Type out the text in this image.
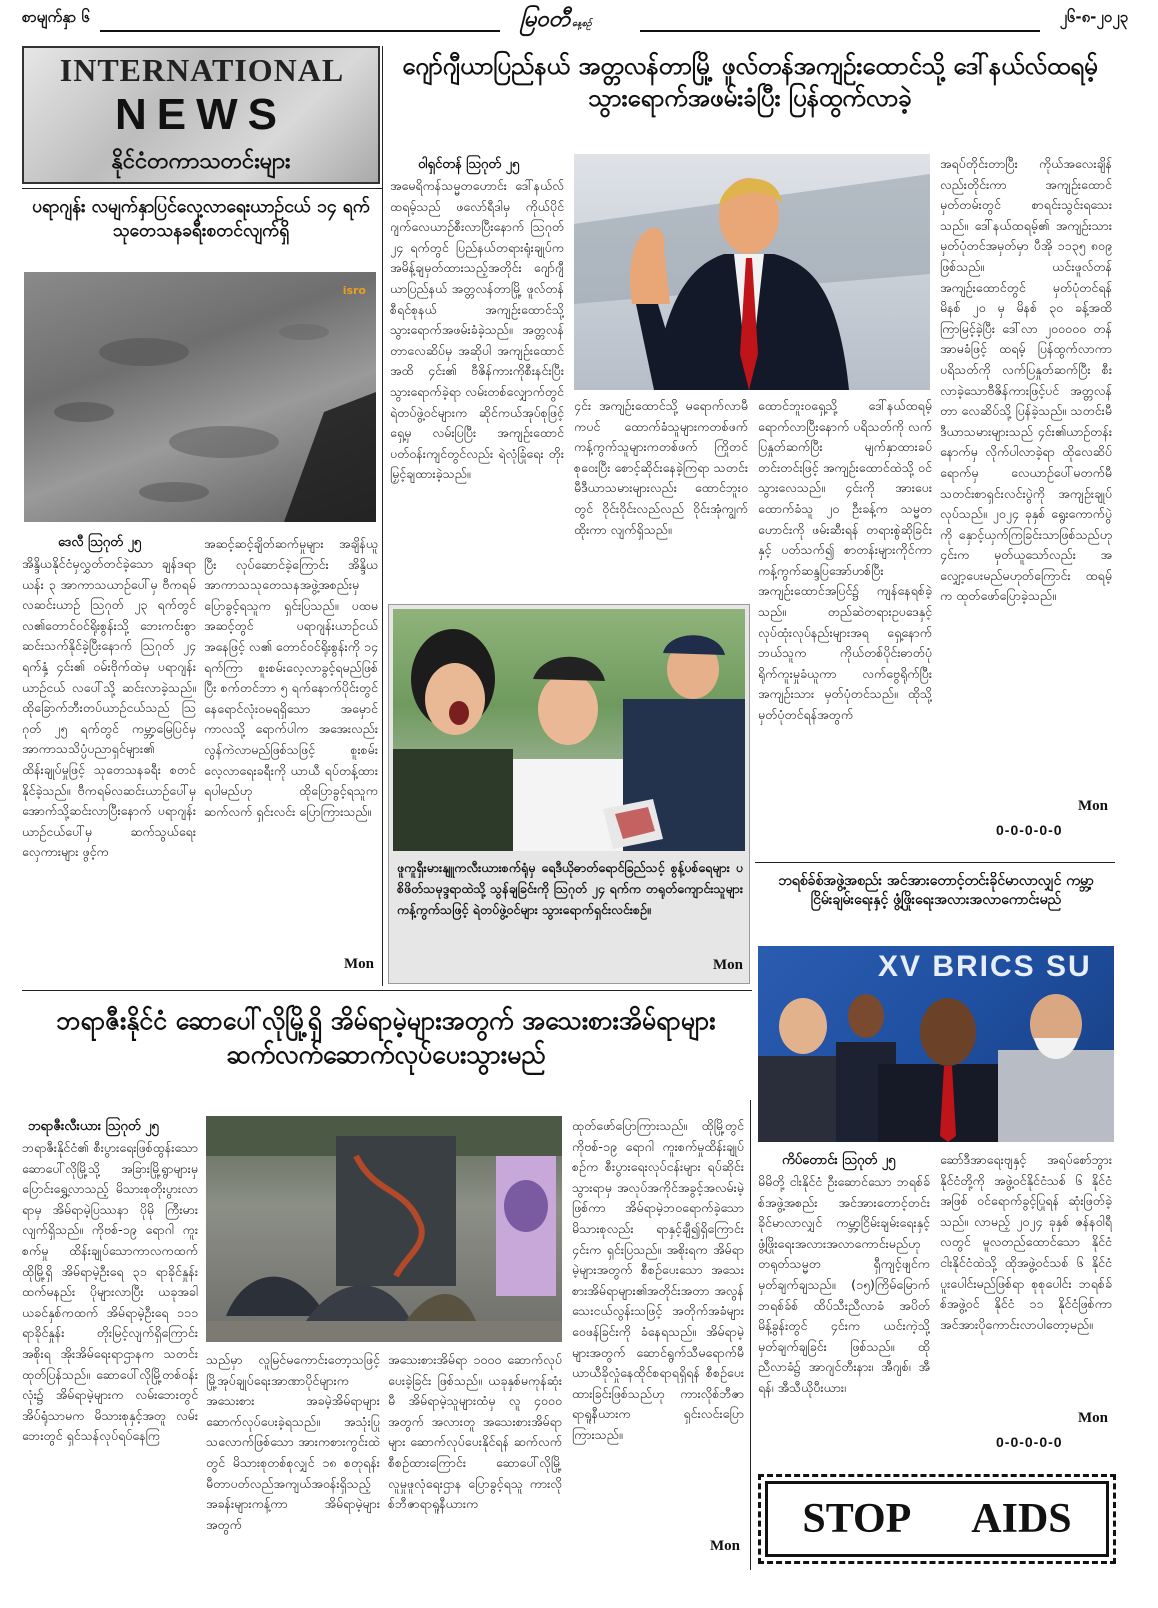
စာမျက်နှာ ၆	မြဝတီ နေ့စဉ်	၂၆-၈-၂၀၂၃
INTERNATIONAL
NEWS
နိုင်ငံတကာသတင်းများ
ပရာဂျန်း လမျက်နှာပြင်လှေ့လာရေးယာဉ်ငယ် ၁၄ ရက် သုတေသနခရီးစတင်လျက်ရှိ
isro
ဒေလီ သြဂုတ် ၂၅
အိန္ဒိယနိုင်ငံမှလွှတ်တင်ခဲ့သော ချန်ဒရာယန်း ၃ အာကာသယာဉ်ပေါ်မှ ဗီကရမ် လဆင်းယာဉ် သြဂုတ် ၂၃ ရက်တွင် လ၏တောင်ဝင်ရိုးစွန်းသို့ ဘေးကင်းစွာ ဆင်းသက်နိုင်ခဲ့ပြီးနောက် သြဂုတ် ၂၄ ရက်နှံ့ ၄င်း၏ ဝမ်းဗိုက်ထဲမှ ပရာဂျန်းယာဉ်ငယ် လပေါ်သို့ ဆင်းလာခဲ့သည်။ ထိုခြောက်ဘီးတပ်ယာဉ်ငယ်သည် သြဂုတ် ၂၅ ရက်တွင် ကမ္ဘာ့မြေပြင်မှ အာကာသသိပ္ပံပညာရှင်များ၏ ထိန်းချုပ်မှုဖြင့် သုတေသနခရီး စတင်နိုင်ခဲ့သည်။ ဗီကရမ်လဆင်းယာဉ်ပေါ်မှ အောက်သို့ဆင်းလာပြီးနောက် ပရာဂျန်းယာဉ်ငယ်ပေါ်မှ ဆက်သွယ်ရေးလှေကားများ ဖွင့်က
အဆင့်ဆင့်ချိတ်ဆက်မှုများ အချိန်ယူပြီး လုပ်ဆောင်ခဲ့ကြောင်း အိန္ဒိယ အာကာသသုတေသနအဖွဲ့အစည်းမှ ပြောခွင့်ရသူက ရှင်းပြသည်။ ပထမအဆင့်တွင် ပရာဂျန်းယာဉ်ငယ်အနေဖြင့် လ၏ တောင်ဝင်ရိုးစွန်းကို ၁၄ ရက်ကြာ စူးစမ်းလေ့လာခွင့်ရမည်ဖြစ်ပြီး စက်တင်ဘာ ၅ ရက်နောက်ပိုင်းတွင် နေရောင်လုံးဝမရရှိသော အမှောင်ကာလသို့ ရောက်ပါက အအေးလည်း လွန်ကဲလာမည်ဖြစ်သဖြင့် စူးစမ်းလေ့လာရေးခရီးကို ယာယီ ရပ်တန့်ထားရပါမည်ဟု ထိုပြောခွင့်ရသူက ဆက်လက် ရှင်းလင်း ပြောကြားသည်။
Mon
ဂျော်ဂျီယာပြည်နယ် အတ္တလန်တာမြို့ ဖူလ်တန်အကျဉ်းထောင်သို့ ဒေါ်နယ်လ်ထရမ့် သွားရောက်အဖမ်းခံပြီး ပြန်ထွက်လာခဲ့
ဝါရှင်တန် သြဂုတ် ၂၅
အမေရိကန်သမ္မတဟောင်း ဒေါ်နယ်လ်ထရမ့်သည် ဖလော်ရီဒါမှ ကိုယ်ပိုင်ဂျက်လေယာဉ်စီးလာပြီးနောက် သြဂုတ် ၂၄ ရက်တွင် ပြည်နယ်တရားရုံးချုပ်က အမိန့်ချမှတ်ထားသည့်အတိုင်း ဂျော်ဂျီယာပြည်နယ် အတ္တလန်တာမြို့ ဖူလ်တန်စီရင်စုနယ် အကျဉ်းထောင်သို့ သွားရောက်အဖမ်းခံခဲ့သည်။ အတ္တလန်တာလေဆိပ်မှ အဆိုပါ အကျဉ်းထောင်အထိ ၄င်း၏ ဗီဇိန်ကားကိုစီးနင်းပြီး သွားရောက်ခဲ့ရာ လမ်းတစ်လျှောက်တွင် ရဲတပ်ဖွဲ့ဝင်များက ဆိုင်ကယ်အုပ်စုဖြင့် ရှေ့မှ လမ်းပြပြီး အကျဉ်းထောင် ပတ်ဝန်းကျင်တွင်လည်း ရဲလုံခြုံရေး တိုးမြှင့်ချထားခဲ့သည်။
၄င်း အကျဉ်းထောင်သို့ မရောက်လာမီကပင် ထောက်ခံသူများကတစ်ဖက် ကန့်ကွက်သူများကတစ်ဖက် ကြိုတင်စုဝေးပြီး စောင့်ဆိုင်းနေခဲ့ကြရာ သတင်းမီဒီယာသမားများလည်း ထောင်ဘူးဝတွင် ဝိုင်းဝိုင်းလည်လည် ဝိုင်းအုံကျွက်ထိုးကာ လျက်ရှိသည်။
ထောင်ဘူးဝရှေ့သို့ ဒေါ်နယ်ထရမ့်ရောက်လာပြီးနောက် ပရိသတ်ကို လက်ပြနှုတ်ဆက်ပြီး မျက်နှာထားခပ်တင်းတင်းဖြင့် အကျဉ်းထောင်ထဲသို့ ဝင်သွားလေသည်။ ၄င်းကို အားပေးထောက်ခံသူ ၂၀ ဦးခန့်က သမ္မတဟောင်းကို ဖမ်းဆီးရန် တရားစွဲဆိုခြင်းနှင့် ပတ်သက်၍ စာတန်းများကိုင်ကာ ကန့်ကွက်ဆန္ဒပြအော်ဟစ်ပြီး အကျဉ်းထောင်အပြင်၌ ကျန်နေရစ်ခဲ့သည်။ တည်ဆဲတရားဥပဒေနှင့် လုပ်ထုံးလုပ်နည်းများအရ ရှေ့နောက်ဘယ်သူက ကိုယ်တစ်ပိုင်းဓာတ်ပုံ ရိုက်ကူးမှုခံယူကာ လက်ဗွေရိုက်ပြီး အကျဉ်းသား မှတ်ပုံတင်သည်။ ထိုသို့ မှတ်ပုံတင်ရန်အတွက်
အရပ်တိုင်းတာပြီး ကိုယ်အလေးချိန်လည်းတိုင်းကာ အကျဉ်းထောင်မှတ်တမ်းတွင် စာရင်းသွင်းရသေးသည်။ ဒေါ်နယ်ထရမ့်၏ အကျဉ်းသား မှတ်ပုံတင်အမှတ်မှာ ပီအို ၁၁၃၅ ၈၀၉ ဖြစ်သည်။ ယင်းဖူလ်တန်အကျဉ်းထောင်တွင် မှတ်ပုံတင်ရန် မိနစ် ၂၀ မှ မိနစ် ၃၀ ခန့်အထိ ကြာမြင့်ခဲ့ပြီး ဒေါ်လာ ၂၀၀၀၀၀ တန် အာမခံဖြင့် ထရမ့် ပြန်ထွက်လာကာ ပရိသတ်ကို လက်ပြနှုတ်ဆက်ပြီး စီးလာခဲ့သောဗီဇိန်ကားဖြင့်ပင် အတ္တလန်တာ လေဆိပ်သို့ ပြန်ခဲ့သည်။ သတင်းမီဒီယာသမားများသည် ၄င်း၏ယာဉ်တန်းနောက်မှ လိုက်ပါလာခဲ့ရာ ထိုလေဆိပ်ရောက်မှ လေယာဉ်ပေါ်မတက်မီ သတင်းစာရှင်းလင်းပွဲကို အကျဉ်းချုပ်လုပ်သည်။ ၂၀၂၄ ခုနှစ် ရွေးကောက်ပွဲကို နှောင့်ယှက်ကြခြင်းသာဖြစ်သည်ဟု ၄င်းက မှတ်ယူသော်လည်း အလျှော့ပေးမည်မဟုတ်ကြောင်း ထရမ့်က ထုတ်ဖော်ပြောခဲ့သည်။
Mon
0-0-0-0-0
ဖူကူရှီးမားနျူကလီးယားစက်ရုံမှ ရေဒီယိုဓာတ်ရောင်ခြည်သင့် စွန့်ပစ်ရေများ ပစိဖိတ်သမုဒ္ဒရာထဲသို့ သွန်ချခြင်းကို သြဂုတ် ၂၄ ရက်က တရုတ်ကျောင်းသူများ ကန့်ကွက်သဖြင့် ရဲတပ်ဖွဲ့ဝင်များ သွားရောက်ရှင်းလင်းစဉ်။
Mon
ဘရစ်ခ်စ်အဖွဲ့အစည်း အင်အားတောင့်တင်းခိုင်မာလာလျှင် ကမ္ဘာ့ငြိမ်းချမ်းရေးနှင့် ဖွံ့ဖြိုးရေးအလားအလာကောင်းမည်
XV BRICS SU
ကိပ်တောင်း သြဂုတ် ၂၅
မိမိတို့ ငါးနိုင်ငံ ဦးဆောင်သော ဘရစ်ခ်စ်အဖွဲ့အစည်း အင်အားတောင့်တင်းခိုင်မာလာလျှင် ကမ္ဘာ့ငြိမ်းချမ်းရေးနှင့် ဖွံ့ဖြိုးရေးအလားအလာကောင်းမည်ဟု တရုတ်သမ္မတ ရှီကျင့်ဖျင်က မှတ်ချက်ချသည်။ (၁၅)ကြိမ်မြောက် ဘရစ်ခ်စ် ထိပ်သီးညီလာခံ အပိတ်မိန့်ခွန်းတွင် ၄င်းက ယင်းကဲ့သို့ မှတ်ချက်ချခြင်း ဖြစ်သည်။ ထိုညီလာခံ၌ အာဂျင်တီးနား၊ အီဂျစ်၊ အီရန်၊ အီသီယိုပီးယား၊
ဆော်ဒီအာရေးဗျနှင့် အရပ်စော်ဘွား နိုင်ငံတို့ကို အဖွဲ့ဝင်နိုင်ငံသစ် ၆ နိုင်ငံအဖြစ် ဝင်ရောက်ခွင့်ပြုရန် ဆုံးဖြတ်ခဲ့သည်။ လာမည့် ၂၀၂၄ ခုနှစ် ဇန်နဝါရီ လတွင် မူလတည်ထောင်သော နိုင်ငံ ငါးနိုင်ငံထဲသို့ ထိုအဖွဲ့ဝင်သစ် ၆ နိုင်ငံ ပူးပေါင်းမည်ဖြစ်ရာ စုစုပေါင်း ဘရစ်ခ်စ်အဖွဲ့ဝင် နိုင်ငံ ၁၁ နိုင်ငံဖြစ်ကာ အင်အားပိုကောင်းလာပါတော့မည်။
Mon
0-0-0-0-0
STOP AIDS
ဘရာဇီးနိုင်ငံ ဆောပေါ်လိုမြို့ရှိ အိမ်ရာမဲ့များအတွက် အသေးစားအိမ်ရာများ ဆက်လက်ဆောက်လုပ်ပေးသွားမည်
ဘရာဇီးလီးယား သြဂုတ် ၂၅
ဘရာဇီးနိုင်ငံ၏ စီးပွားရေးဖြစ်ထွန်းသော ဆောပေါ်လိုမြို့သို့ အခြားမြို့ရွာများမှ ပြောင်းရွှေ့လာသည့် မိသားစုတိုးပွားလာရာမှ အိမ်ရာမဲ့ပြဿနာ ပိုမို ကြီးမားလျက်ရှိသည်။ ကိုဗစ်-၁၉ ရောဂါ ကူးစက်မှု ထိန်းချုပ်သောကာလကထက် ထိုမြို့ရှိ အိမ်ရာမဲ့ဦးရေ ၃၁ ရာခိုင်နှုန်း ထက်မနည်း ပိုများလာပြီး ယခုအခါ ယခင်နှစ်ကထက် အိမ်ရာမဲ့ဦးရေ ၁၁၁ ရာခိုင်နှုန်း တိုးမြင့်လျက်ရှိကြောင်း အစိုးရ အိုးအိမ်ရေးရာဌာနက သတင်းထုတ်ပြန်သည်။ ဆောပေါ်လိုမြို့တစ်ဝန်းလုံး၌ အိမ်ရာမဲ့များက လမ်းဘေးတွင် အိပ်ရုံသာမက မိသားစုနှင့်အတူ လမ်းဘေးတွင် ရှင်သန်လုပ်ရပ်နေကြ
သည်မှာ လူမြင်မကောင်းတော့သဖြင့် မြို့အုပ်ချုပ်ရေးအာဏာပိုင်များက အသေးစား အခမဲ့အိမ်ရာများ ဆောက်လုပ်ပေးခဲ့ရသည်။ အသုံးပြုသလောက်ဖြစ်သော အားကစားကွင်းထဲတွင် မိသားစုတစ်စုလျှင် ၁၈ စတုရန်းမီတာပတ်လည်အကျယ်အဝန်းရှိသည့် အခန်းများကန့်ကာ အိမ်ရာမဲ့များအတွက်
အသေးစားအိမ်ရာ ၁၀၀၀ ဆောက်လုပ်ပေးခဲ့ခြင်း ဖြစ်သည်။ ယခုနှစ်မကုန်ဆုံးမီ အိမ်ရာမဲ့သူများထံမှ လူ ၄၀၀၀ အတွက် အလားတူ အသေးစားအိမ်ရာများ ဆောက်လုပ်ပေးနိုင်ရန် ဆက်လက်စီစဉ်ထားကြောင်း ဆောပေါ်လိုမြို့ လူမှုဖူလုံရေးဌာန ပြောခွင့်ရသူ ကားလိုစ်ဘီဇာရာရူနီယားက
ထုတ်ဖော်ပြောကြားသည်။ ထိုမြို့တွင် ကိုဗစ်-၁၉ ရောဂါ ကူးစက်မှုထိန်းချုပ်စဉ်က စီးပွားရေးလုပ်ငန်းများ ရပ်ဆိုင်းသွားရာမှ အလုပ်အကိုင်အခွင့်အလမ်းမဲ့ဖြစ်ကာ အိမ်ရာမဲ့ဘဝရောက်ခဲ့သော မိသားစုလည်း ရာနှင့်ချီ၍ရှိကြောင်း ၄င်းက ရှင်းပြသည်။ အစိုးရက အိမ်ရာမဲ့များအတွက် စီစဉ်ပေးသော အသေးစားအိမ်ရာများ၏အတိုင်းအတာ အလွန်သေးငယ်လွန်းသဖြင့် အတိုက်အခံများ ဝေဖန်ခြင်းကို ခံနေရသည်။ အိမ်ရာမဲ့များအတွက် ဆောင်ရွက်သီမရောက်မီ ယာယီခိုလှုံနေထိုင်စရာရရှိရန် စီစဉ်ပေးထားခြင်းဖြစ်သည်ဟု ကားလိုစ်ဘီဇာရာရူနီယားက ရှင်းလင်းပြောကြားသည်။
Mon
